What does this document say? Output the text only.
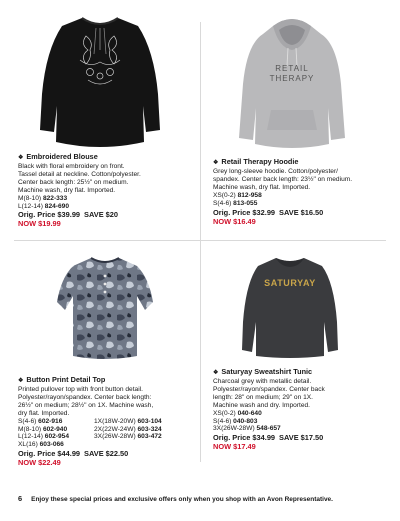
❖ Embroidered Blouse
Black with floral embroidery on front.
Tassel detail at neckline. Cotton/polyester.
Center back length: 25½" on medium.
Machine wash, dry flat. Imported.
M(8-10) 822-333
L(12-14) 824-690
Orig. Price $39.99 SAVE $20
NOW $19.99
RETAIL
THERAPY
❖ Retail Therapy Hoodie
Grey long-sleeve hoodie. Cotton/polyester/
spandex. Center back length: 23½" on medium.
Machine wash, dry flat. Imported.
XS(0-2) 812-958
S(4-6) 813-055
Orig. Price $32.99 SAVE $16.50
NOW $16.49
❖ Button Print Detail Top
Printed pullover top with front button detail.
Polyester/rayon/spandex. Center back length:
26½" on medium; 28½" on 1X. Machine wash,
dry flat. Imported.
S(4-6) 602-916
M(8-10) 602-940
L(12-14) 602-954
XL(16) 603-066
1X(18W-20W) 603-104
2X(22W-24W) 603-324
3X(26W-28W) 603-472
Orig. Price $44.99 SAVE $22.50
NOW $22.49
SATURYAY
❖ Saturyay Sweatshirt Tunic
Charcoal grey with metallic detail.
Polyester/rayon/spandex. Center back
length: 28" on medium; 29" on 1X.
Machine wash and dry. Imported.
XS(0-2) 040-640
S(4-6) 040-803
3X(26W-28W) 548-657
Orig. Price $34.99 SAVE $17.50
NOW $17.49
6 Enjoy these special prices and exclusive offers only when you shop with an Avon Representative.
